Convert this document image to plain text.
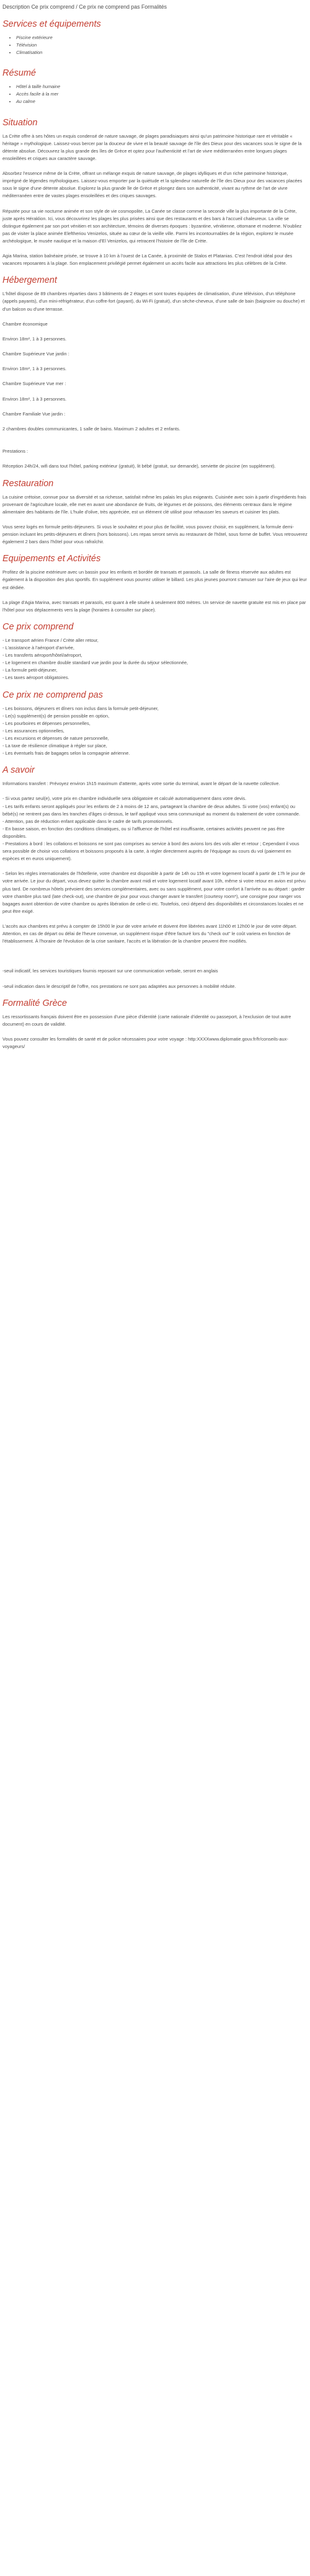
Description Ce prix comprend / Ce prix ne comprend pas Formalités
Services et équipements
• Piscine extérieure
• Télévision
• Climatisation
Résumé
• Hôtel à taille humaine
• Accès facile à la mer
• Au calme
Situation

La Crète offre à ses hôtes un exquis condensé de nature sauvage, de plages paradisiaques ainsi qu'un patrimoine historique rare et véritable « héritage » mythologique. Laissez-vous bercer par la douceur de vivre et la beauté sauvage de l'île des Dieux pour des vacances sous le signe de la détente absolue. Découvrez la plus grande des îles de Grèce et optez pour l'authenticité et l'art de vivre méditerranéen entre longues plages ensoleillées et criques aux caractère sauvage.

Absorbez l'essence même de la Crète, offrant un mélange exquis de nature sauvage, de plages idylliques et d'un riche patrimoine historique, imprégné de légendes mythologiques. Laissez-vous emporter par la quiétude et la splendeur naturelle de l'île des Dieux pour des vacances placées sous le signe d'une détente absolue. Explorez la plus grande île de Grèce et plongez dans son authenticité, vivant au rythme de l'art de vivre méditerranéen entre de vastes plages ensoleillées et des criques sauvages.

Réputée pour sa vie nocturne animée et son style de vie cosmopolite, La Canée se classe comme la seconde ville la plus importante de la Crète, juste après Héraklion. Ici, vous découvrirez les plages les plus prisées ainsi que des restaurants et des bars à l'accueil chaleureux. La ville se distingue également par son port vénitien et son architecture, témoins de diverses époques : byzantine, vénitienne, ottomane et moderne. N'oubliez pas de visiter la place animée Eleftheriou Venizelos, située au cœur de la vieille ville. Parmi les incontournables de la région, explorez le musée archéologique, le musée nautique et la maison d'El Venizelos, qui retracent l'histoire de l'île de Crète.

Agia Marina, station balnéaire prisée, se trouve à 10 km à l'ouest de La Canée, à proximité de Stalos et Platanias. C'est l'endroit idéal pour des vacances reposantes à la plage. Son emplacement privilégié permet également un accès facile aux attractions les plus célèbres de la Crète.

Hébergement

L'hôtel dispose de 89 chambres réparties dans 3 bâtiments de 2 étages et sont toutes équipées de climatisation, d'une télévision, d'un téléphone (appels payants), d'un mini-réfrigérateur, d'un coffre-fort (payant), du Wi-Fi (gratuit), d'un sèche-cheveux, d'une salle de bain (baignoire ou douche) et d'un balcon ou d'une terrasse.

Chambre économique

Environ 18m², 1 à 3 personnes.

Chambre Supérieure Vue jardin :

Environ 18m², 1 à 3 personnes.

Chambre Supérieure Vue mer :

Environ 18m², 1 à 3 personnes.

Chambre Familiale Vue jardin :

2 chambres doubles communicantes, 1 salle de bains. Maximum 2 adultes et 2 enfants.

Prestations :

Réception 24h/24, wifi dans tout l'hôtel, parking extérieur (gratuit), lit bébé (gratuit, sur demande), serviette de piscine (en supplément).

Restauration

La cuisine crétoise, connue pour sa diversité et sa richesse, satisfait même les palais les plus exigeants. Cuisinée avec soin à partir d'ingrédients frais provenant de l'agriculture locale, elle met en avant une abondance de fruits, de légumes et de poissons, des éléments centraux dans le régime alimentaire des habitants de l'île. L'huile d'olive, très appréciée, est un élément clé utilisé pour rehausser les saveurs et cuisiner les plats.

Vous serez logés en formule petits-déjeuners. Si vous le souhaitez et pour plus de facilité, vous pouvez choisir, en supplément, la formule demi-pension incluant les petits-déjeuners et dîners (hors boissons). Les repas seront servis au restaurant de l'hôtel, sous forme de buffet. Vous retrouverez également 2 bars dans l'hôtel pour vous rafraîchir.

Equipements et Activités

Profitez de la piscine extérieure avec un bassin pour les enfants et bordée de transats et parasols. La salle de fitness réservée aux adultes est également à la disposition des plus sportifs. En supplément vous pourrez utiliser le billard. Les plus jeunes pourront s'amuser sur l'aire de jeux qui leur est dédiée.

La plage d'Agia Marina, avec transats et parasols, est quant à elle située à seulement 800 mètres. Un service de navette gratuite est mis en place par l'hôtel pour vos déplacements vers la plage (horaires à consulter sur place).

Ce prix comprend
- Le transport aérien France / Crète aller retour,
- L'assistance à l'aéroport d'arrivée,
- Les transferts aéroport/hôtel/aéroport,
- Le logement en chambre double standard vue jardin pour la durée du séjour sélectionnée,
- La formule petit-déjeuner,
- Les taxes aéroport obligatoires.
Ce prix ne comprend pas
- Les boissons, déjeuners et dîners non inclus dans la formule petit-déjeuner,
- Le(s) supplément(s) de pension possible en option,
- Les pourboires et dépenses personnelles,
- Les assurances optionnelles,
- Les excursions et dépenses de nature personnelle,
- La taxe de résilience climatique à régler sur place,
- Les éventuels frais de bagages selon la compagnie aérienne.
A savoir

Informations transfert : Prévoyez environ 1h15 maximum d'attente, après votre sortie du terminal, avant le départ de la navette collective.

- Si vous partez seul(e), votre prix en chambre individuelle sera obligatoire et calculé automatiquement dans votre devis.
- Les tarifs enfants seront appliqués pour les enfants de 2 à moins de 12 ans, partageant la chambre de deux adultes. Si votre (vos) enfant(s) ou bébé(s) ne rentrent pas dans les tranches d'âges ci-dessus, le tarif appliqué vous sera communiqué au moment du traitement de votre commande.
- Attention, pas de réduction enfant applicable dans le cadre de tarifs promotionnels.
- En basse saison, en fonction des conditions climatiques, ou si l'affluence de l'hôtel est insuffisante, certaines activités peuvent ne pas être disponibles.
- Prestations à bord : les collations et boissons ne sont pas comprises au service à bord des avions lors des vols aller et retour ; Cependant il vous sera possible de choisir vos collations et boissons proposés à la carte, à régler directement auprès de l'équipage au cours du vol (paiement en espèces et en euros uniquement).

- Selon les règles internationales de l'hôtellerie, votre chambre est disponible à partir de 14h ou 15h et votre logement locatif à partir de 17h le jour de votre arrivée. Le jour du départ, vous devez quitter la chambre avant midi et votre logement locatif avant 10h, même si votre retour en avion est prévu plus tard. De nombreux hôtels prévoient des services complémentaires, avec ou sans supplément, pour votre confort à l'arrivée ou au départ : garder votre chambre plus tard (late check-out), une chambre de jour pour vous changer avant le transfert (courtesy room*), une consigne pour ranger vos bagages avant obtention de votre chambre ou après libération de celle-ci etc. Toutefois, ceci dépend des disponibilités et circonstances locales et ne peut être exigé.

L'accès aux chambres est prévu à compter de 15h00 le jour de votre arrivée et doivent être libérées avant 11h00 et 12h00 le jour de votre départ.
Attention, en cas de départ ou délai de l'heure convenue, un supplément risque d'être facturé lors du "check out" le coût variera en fonction de l'établissement. À l'horaire de l'évolution de la crise sanitaire, l'accès et la libération de la chambre peuvent être modifiés.

-seuil indicatif, les services touristiques fournis reposant sur une communication verbale, seront en anglais

-seuil indication dans le descriptif de l'offre, nos prestations ne sont pas adaptées aux personnes à mobilité réduite.

Formalité Grèce

Les ressortissants français doivent être en possession d'une pièce d'identité (carte nationale d'identité ou passeport, à l'exclusion de tout autre document) en cours de validité.

Vous pouvez consulter les formalités de santé et de police nécessaires pour votre voyage : http:XXXXwww.diplomatie.gouv.fr/fr/conseils-aux-voyageurs/
